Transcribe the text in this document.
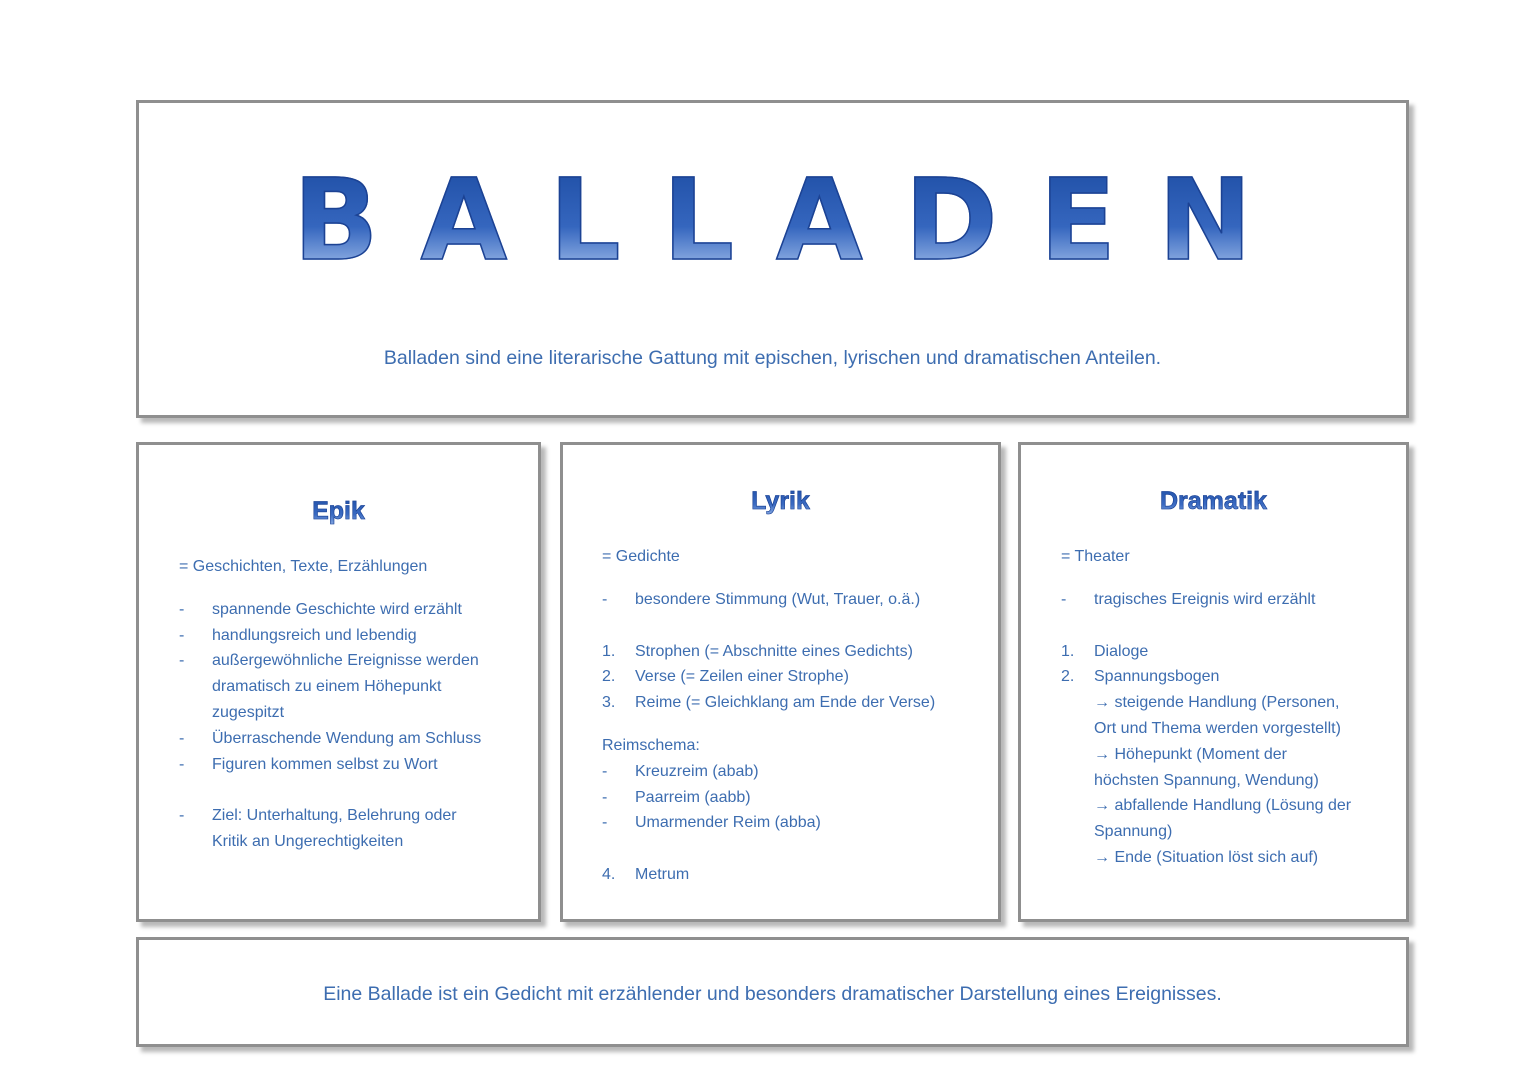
BALLADEN
Balladen sind eine literarische Gattung mit epischen, lyrischen und dramatischen Anteilen.
Epik
= Geschichten, Texte, Erzählungen
-	spannende Geschichte wird erzählt
-	handlungsreich und lebendig
-	außergewöhnliche Ereignisse werden
dramatisch zu einem Höhepunkt
zugespitzt
-	Überraschende Wendung am Schluss
-	Figuren kommen selbst zu Wort
-	Ziel: Unterhaltung, Belehrung oder
Kritik an Ungerechtigkeiten
Lyrik
= Gedichte
-	besondere Stimmung (Wut, Trauer, o.ä.)
1.	Strophen (= Abschnitte eines Gedichts)
2.	Verse (= Zeilen einer Strophe)
3.	Reime (= Gleichklang am Ende der Verse)
Reimschema:
-	Kreuzreim (abab)
-	Paarreim (aabb)
-	Umarmender Reim (abba)
4.	Metrum
Dramatik
= Theater
-	tragisches Ereignis wird erzählt
1.	Dialoge
2.	Spannungsbogen
→ steigende Handlung (Personen,
Ort und Thema werden vorgestellt)
→ Höhepunkt (Moment der
höchsten Spannung, Wendung)
→ abfallende Handlung (Lösung der
Spannung)
→ Ende (Situation löst sich auf)
Eine Ballade ist ein Gedicht mit erzählender und besonders dramatischer Darstellung eines Ereignisses.
